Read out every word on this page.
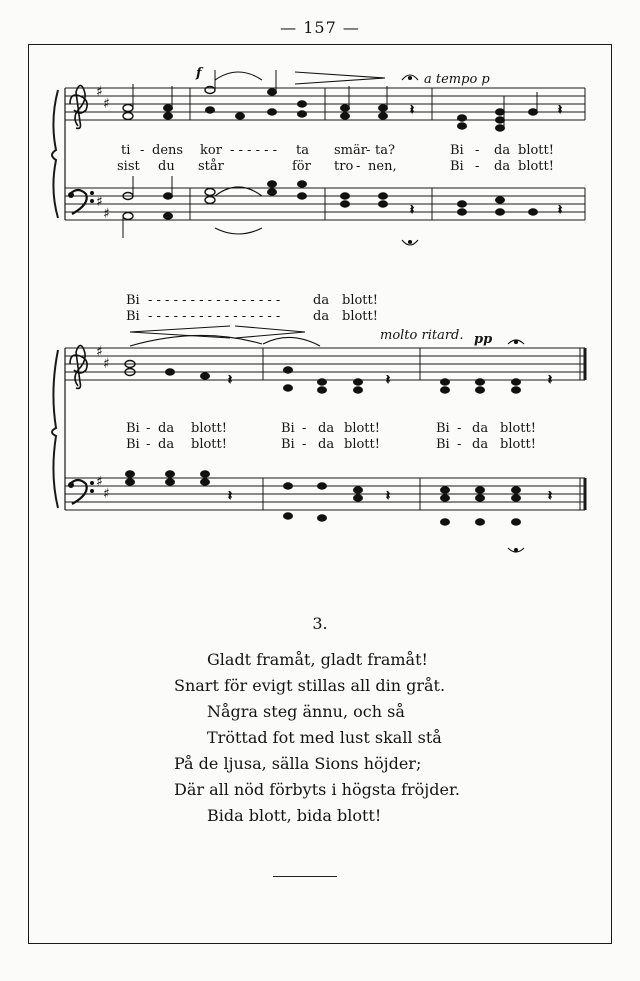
— 157 —
♯
♯
♯
♯
♯
♯
♯
♯
𝄽	𝄽
𝄽	𝄽
𝄽	𝄽	𝄽
𝄽	𝄽	𝄽
f	a tempo p
molto ritard. pp
ti - dens kor - - - - - - ta smär - ta?	Bi - da blott!
sist du står	för tro - nen,	Bi - da blott!
Bi - - - - - - - - - - - - - - - -	da blott!
Bi - - - - - - - - - - - - - - - -	da blott!
Bi - da blott!	Bi - da blott!	Bi - da blott!
Bi - da blott!	Bi - da blott!	Bi - da blott!
3.
Gladt framåt, gladt framåt!
Snart för evigt stillas all din gråt.
Några steg ännu, och så
Tröttad fot med lust skall stå
På de ljusa, sälla Sions höjder;
Där all nöd förbyts i högsta fröjder.
Bida blott, bida blott!
